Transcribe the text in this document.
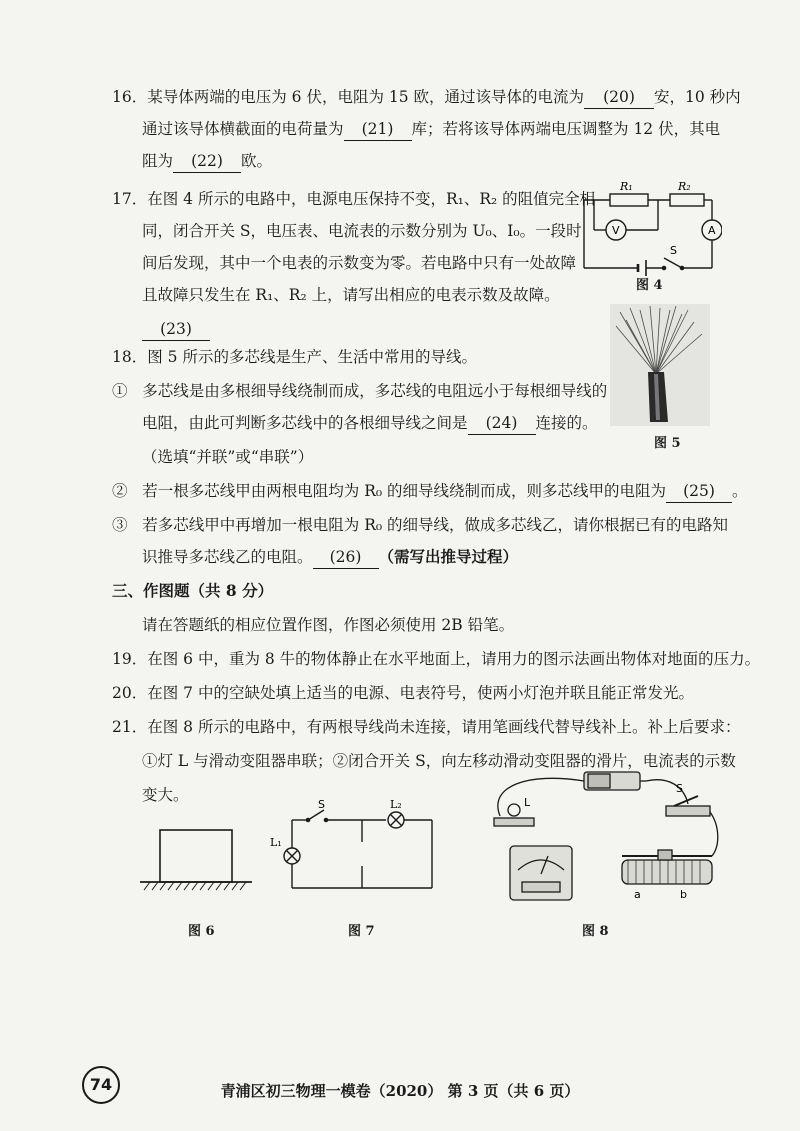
16．某导体两端的电压为 6 伏，电阻为 15 欧，通过该导体的电流为 (20) 安，10 秒内
通过该导体横截面的电荷量为 (21) 库；若将该导体两端电压调整为 12 伏，其电
阻为 (22) 欧。
17．在图 4 所示的电路中，电源电压保持不变，R₁、R₂ 的阻值完全相
同，闭合开关 S，电压表、电流表的示数分别为 U₀、I₀。一段时
间后发现，其中一个电表的示数变为零。若电路中只有一处故障
且故障只发生在 R₁、R₂ 上，请写出相应的电表示数及故障。
(23)
R₁	R₂
V	A
S
图 4
18．图 5 所示的多芯线是生产、生活中常用的导线。
① 多芯线是由多根细导线绕制而成，多芯线的电阻远小于每根细导线的
电阻，由此可判断多芯线中的各根细导线之间是 (24) 连接的。
（选填“并联”或“串联”）
图 5
② 若一根多芯线甲由两根电阻均为 R₀ 的细导线绕制而成，则多芯线甲的电阻为 (25) 。
③ 若多芯线甲中再增加一根电阻为 R₀ 的细导线，做成多芯线乙，请你根据已有的电路知
识推导多芯线乙的电阻。 (26) （需写出推导过程）
三、作图题（共 8 分）
请在答题纸的相应位置作图，作图必须使用 2B 铅笔。
19．在图 6 中，重为 8 牛的物体静止在水平地面上，请用力的图示法画出物体对地面的压力。
20．在图 7 中的空缺处填上适当的电源、电表符号，使两小灯泡并联且能正常发光。
21．在图 8 所示的电路中，有两根导线尚未连接，请用笔画线代替导线补上。补上后要求：
①灯 L 与滑动变阻器串联；②闭合开关 S，向左移动滑动变阻器的滑片，电流表的示数
变大。
图 6
S
L₁
L₂
图 7
S
L
a	b
图 8
74	青浦区初三物理一模卷（2020） 第 3 页（共 6 页）
